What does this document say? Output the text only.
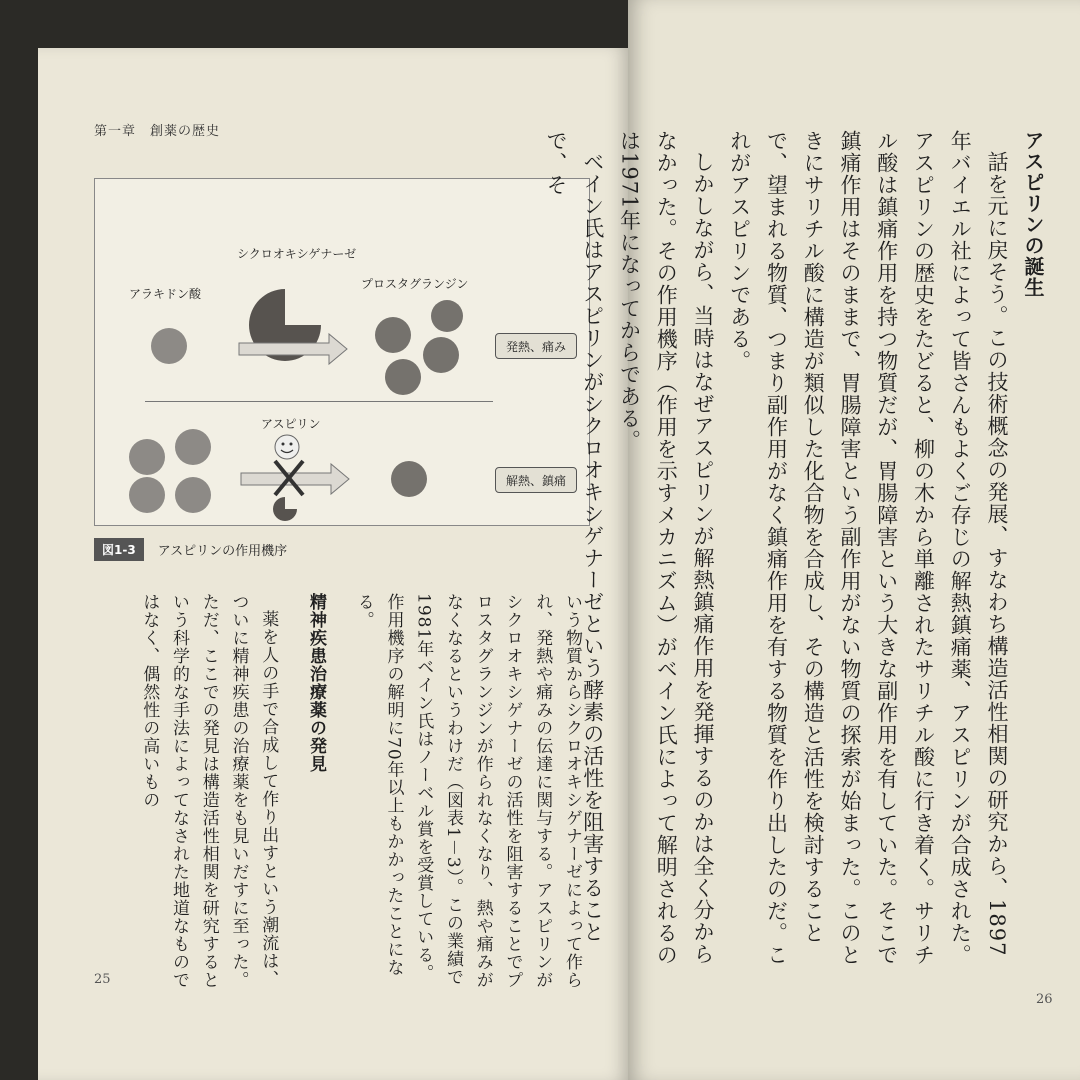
第一章　創薬の歴史
シクロオキシゲナーゼ
アラキドン酸
プロスタグランジン
アスピリン
発熱、痛み
解熱、鎮痛
図1-3	アスピリンの作用機序

いう物質からシクロオキシゲナーゼによって作られ、発熱や痛みの伝達に関与する。アスピリンがシクロオキシゲナーゼの活性を阻害することでプロスタグランジンが作られなくなり、熱や痛みがなくなるというわけだ（図表1－3）。この業績で1981年ベイン氏はノーベル賞を受賞している。作用機序の解明に70年以上もかかったことになる。

精神疾患治療薬の発見

薬を人の手で合成して作り出すという潮流は、ついに精神疾患の治療薬をも見いだすに至った。ただ、ここでの発見は構造活性相関を研究するという科学的な手法によってなされた地道なものではなく、偶然性の高いもの

25
アスピリンの誕生

話を元に戻そう。この技術概念の発展、すなわち構造活性相関の研究から、1897年バイエル社によって皆さんもよくご存じの解熱鎮痛薬、アスピリンが合成された。アスピリンの歴史をたどると、柳の木から単離されたサリチル酸に行き着く。サリチル酸は鎮痛作用を持つ物質だが、胃腸障害という大きな副作用を有していた。そこで鎮痛作用はそのままで、胃腸障害という副作用がない物質の探索が始まった。このときにサリチル酸に構造が類似した化合物を合成し、その構造と活性を検討することで、望まれる物質、つまり副作用がなく鎮痛作用を有する物質を作り出したのだ。これがアスピリンである。

しかしながら、当時はなぜアスピリンが解熱鎮痛作用を発揮するのかは全く分からなかった。その作用機序（作用を示すメカニズム）がベイン氏によって解明されるのは1971年になってからである。

ベイン氏はアスピリンがシクロオキシゲナーゼという酵素の活性を阻害することで、そ

26
